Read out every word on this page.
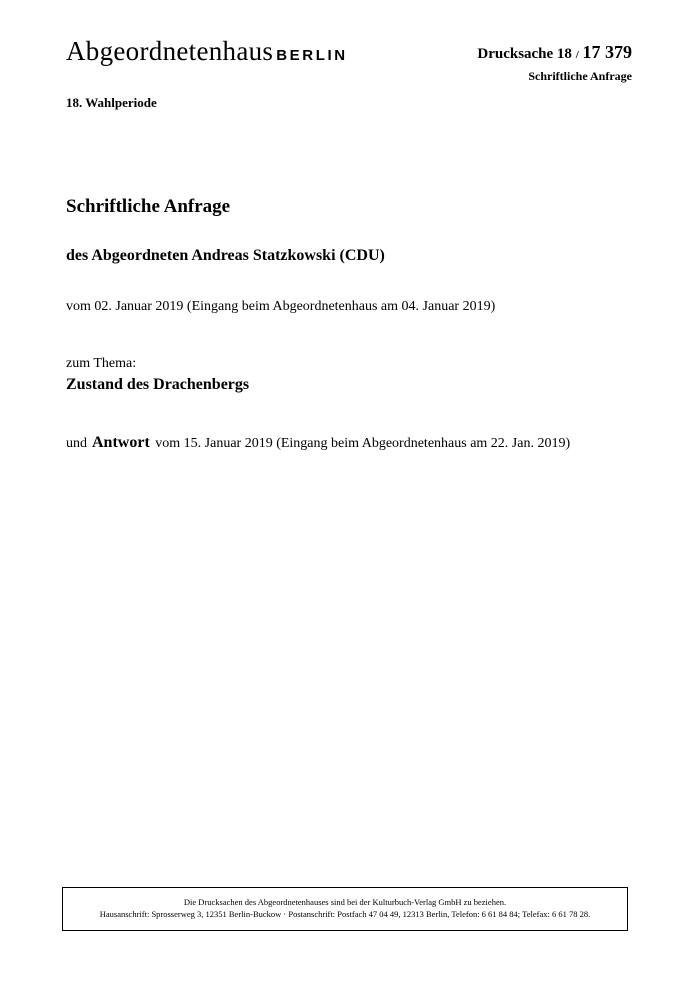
Abgeordnetenhaus BERLIN	Drucksache 18 / 17 379
Schriftliche Anfrage
18. Wahlperiode
Schriftliche Anfrage
des Abgeordneten Andreas Statzkowski (CDU)
vom 02. Januar 2019 (Eingang beim Abgeordnetenhaus am 04. Januar 2019)
zum Thema:
Zustand des Drachenbergs
und Antwort vom 15. Januar 2019 (Eingang beim Abgeordnetenhaus am 22. Jan. 2019)
Die Drucksachen des Abgeordnetenhauses sind bei der Kulturbuch-Verlag GmbH zu beziehen.
Hausanschrift: Sprosserweg 3, 12351 Berlin-Buckow · Postanschrift: Postfach 47 04 49, 12313 Berlin, Telefon: 6 61 84 84; Telefax: 6 61 78 28.
